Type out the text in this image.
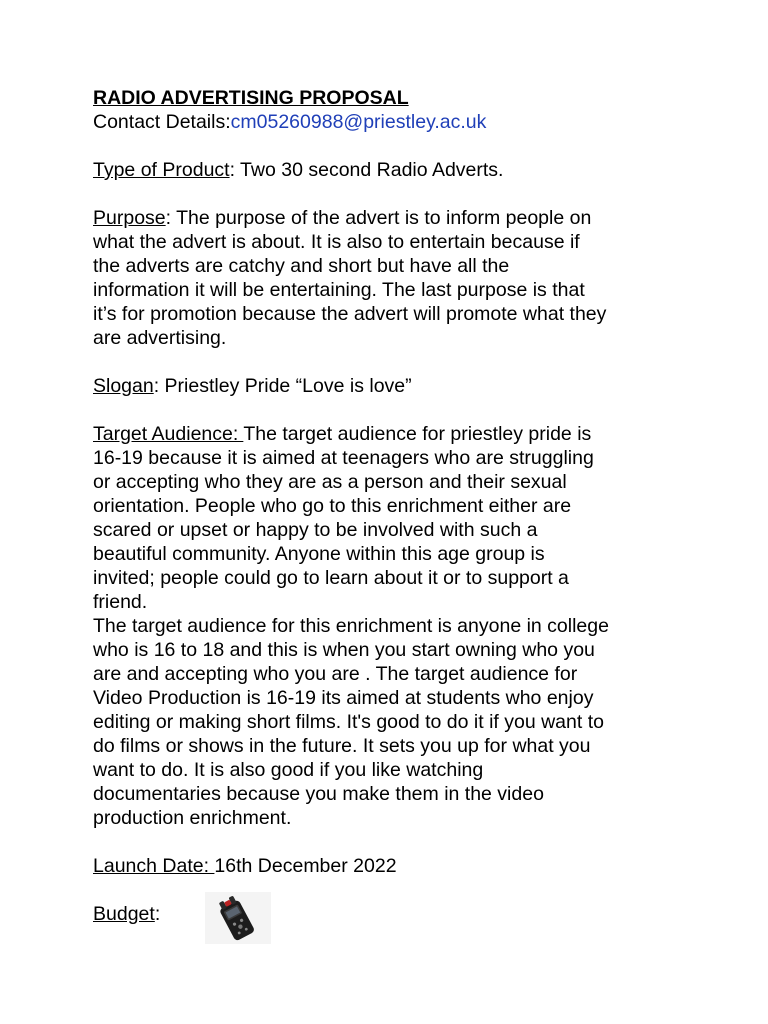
RADIO ADVERTISING PROPOSAL
Contact Details:cm05260988@priestley.ac.uk
Type of Product: Two 30 second Radio Adverts.
Purpose: The purpose of the advert is to inform people on
what the advert is about. It is also to entertain because if
the adverts are catchy and short but have all the
information it will be entertaining. The last purpose is that
it’s for promotion because the advert will promote what they
are advertising.
Slogan: Priestley Pride “Love is love”
Target Audience: The target audience for priestley pride is
16-19 because it is aimed at teenagers who are struggling
or accepting who they are as a person and their sexual
orientation. People who go to this enrichment either are
scared or upset or happy to be involved with such a
beautiful community. Anyone within this age group is
invited; people could go to learn about it or to support a
friend.
The target audience for this enrichment is anyone in college
who is 16 to 18 and this is when you start owning who you
are and accepting who you are . The target audience for
Video Production is 16-19 its aimed at students who enjoy
editing or making short films. It's good to do it if you want to
do films or shows in the future. It sets you up for what you
want to do. It is also good if you like watching
documentaries because you make them in the video
production enrichment.
Launch Date: 16th December 2022
Budget:
